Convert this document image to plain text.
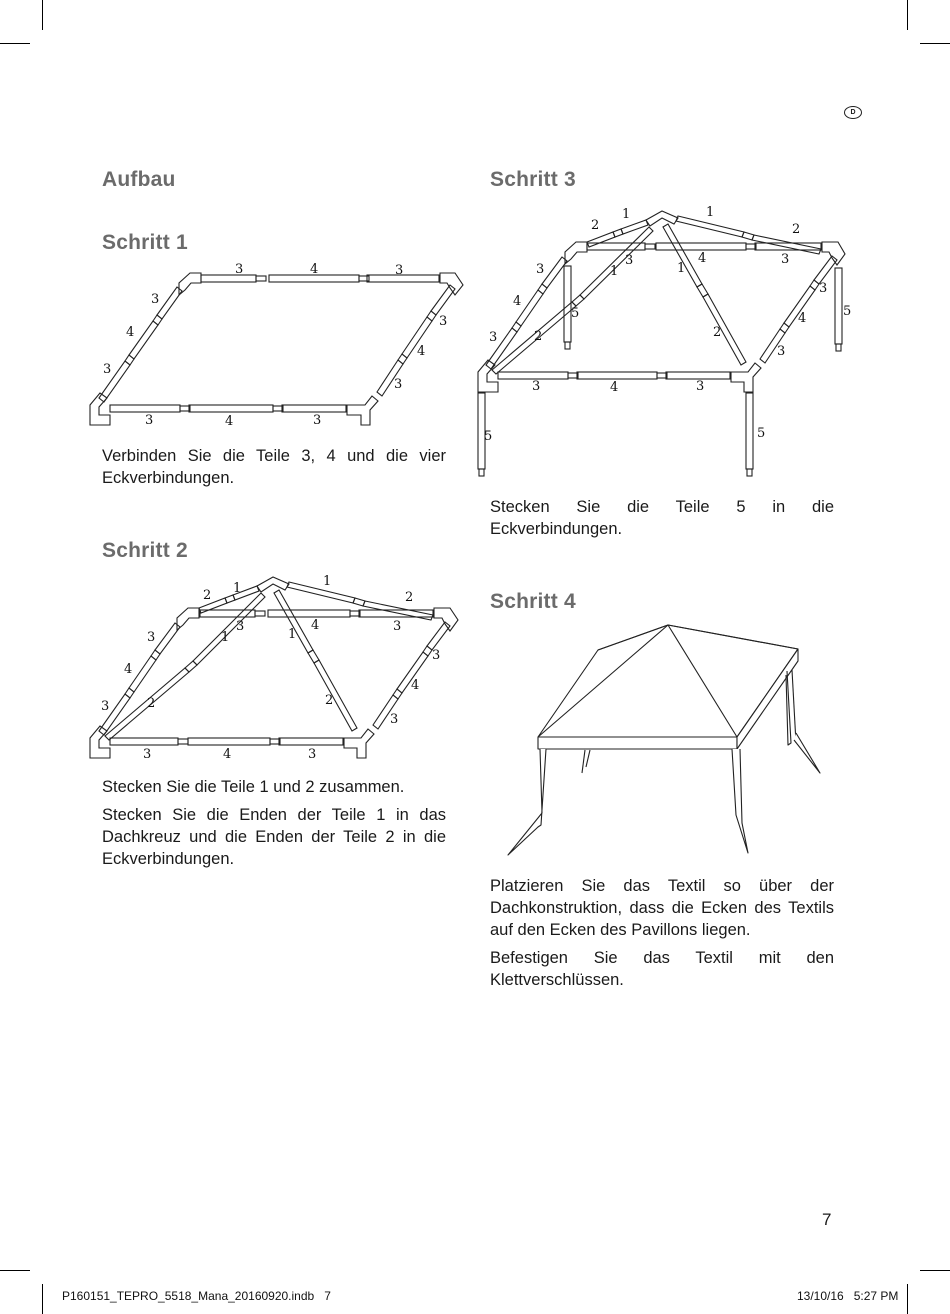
D
Aufbau
Schritt 1
3	4	3
3
4
3
3
4
3
3	4	3

Verbinden Sie die Teile 3, 4 und die vier Eckverbindungen.

Schritt 2
1
2
1
2
3
1	1
4	3
3
4
3	2	2
3
4
3
3	4	3

Stecken Sie die Teile 1 und 2 zusammen.

Stecken Sie die Enden der Teile 1 in das Dachkreuz und die Enden der Teile 2 in die Eckverbindungen.

Schritt 3
1
2
1
2
3
1	1
4	3
3
4
3	2
5
2
3
4
3
5
3	4	3
5	5

Stecken Sie die Teile 5 in die Eckverbindungen.

Schritt 4

Platzieren Sie das Textil so über der Dachkonstruktion, dass die Ecken des Textils auf den Ecken des Pavillons liegen.

Befestigen Sie das Textil mit den Klettverschlüssen.

7
P160151_TEPRO_5518_Mana_20160920.indb   7	13/10/16   5:27 PM
